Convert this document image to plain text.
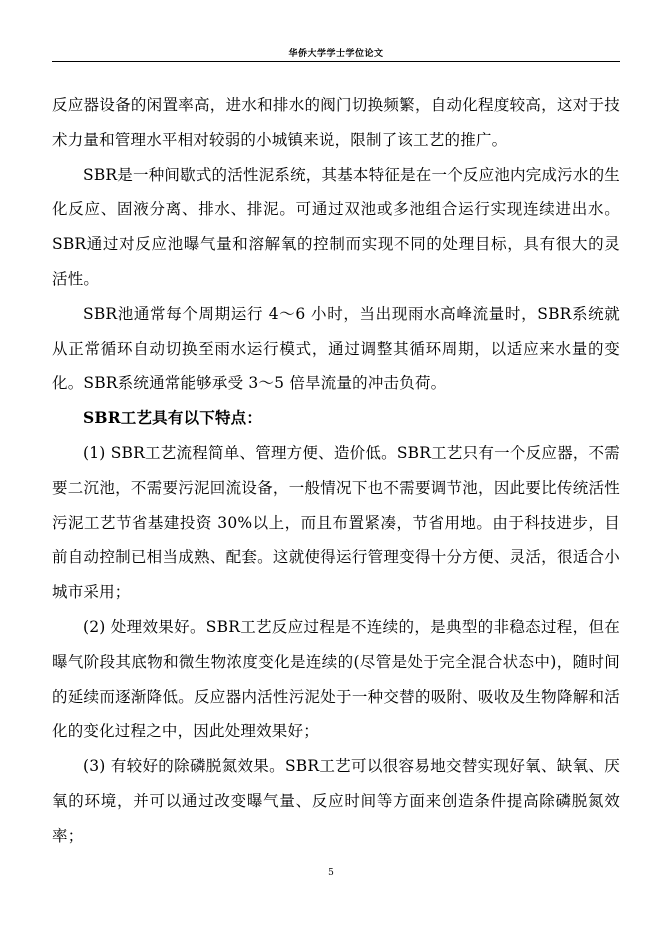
华侨大学学士学位论文

反应器设备的闲置率高，进水和排水的阀门切换频繁，自动化程度较高，这对于技术力量和管理水平相对较弱的小城镇来说，限制了该工艺的推广。

SBR是一种间歇式的活性泥系统，其基本特征是在一个反应池内完成污水的生化反应、固液分离、排水、排泥。可通过双池或多池组合运行实现连续进出水。SBR通过对反应池曝气量和溶解氧的控制而实现不同的处理目标，具有很大的灵活性。

SBR池通常每个周期运行 4～6 小时，当出现雨水高峰流量时，SBR系统就从正常循环自动切换至雨水运行模式，通过调整其循环周期，以适应来水量的变化。SBR系统通常能够承受 3～5 倍旱流量的冲击负荷。

SBR工艺具有以下特点：

(1) SBR工艺流程简单、管理方便、造价低。SBR工艺只有一个反应器，不需要二沉池，不需要污泥回流设备，一般情况下也不需要调节池，因此要比传统活性污泥工艺节省基建投资 30%以上，而且布置紧凑，节省用地。由于科技进步，目前自动控制已相当成熟、配套。这就使得运行管理变得十分方便、灵活，很适合小城市采用；

(2) 处理效果好。SBR工艺反应过程是不连续的，是典型的非稳态过程，但在曝气阶段其底物和微生物浓度变化是连续的(尽管是处于完全混合状态中)，随时间的延续而逐渐降低。反应器内活性污泥处于一种交替的吸附、吸收及生物降解和活化的变化过程之中，因此处理效果好；

(3) 有较好的除磷脱氮效果。SBR工艺可以很容易地交替实现好氧、缺氧、厌氧的环境，并可以通过改变曝气量、反应时间等方面来创造条件提高除磷脱氮效率；

5
